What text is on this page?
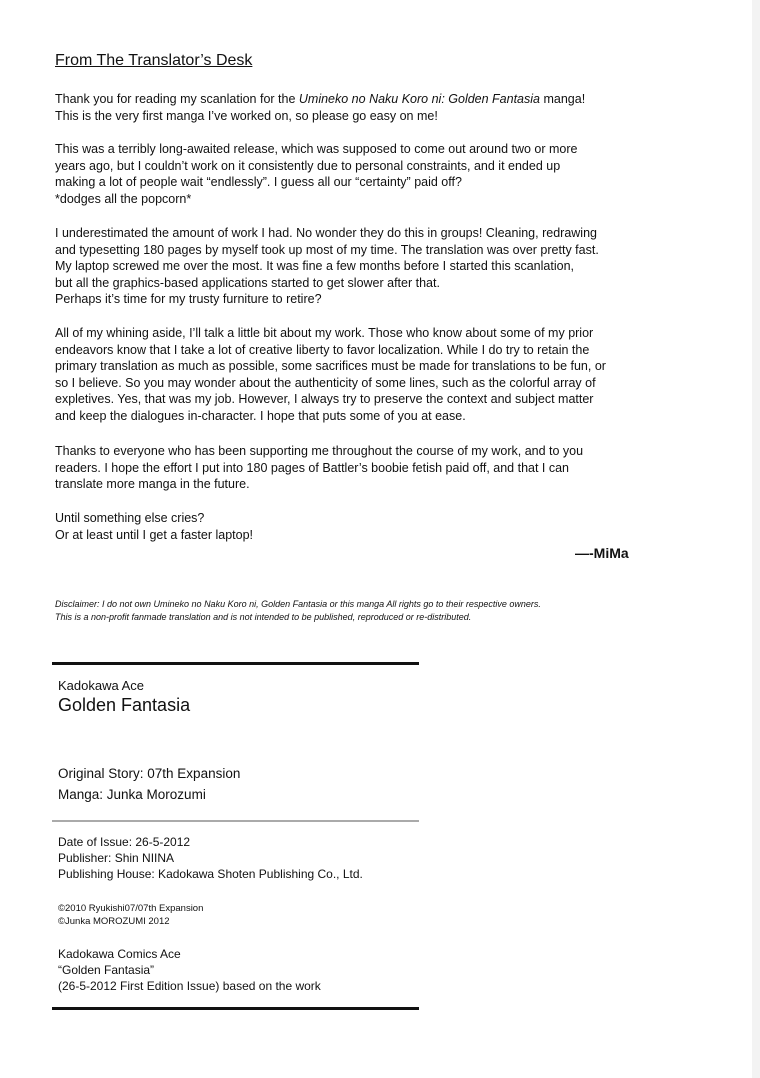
From The Translator’s Desk
Thank you for reading my scanlation for the Umineko no Naku Koro ni: Golden Fantasia manga!
This is the very first manga I’ve worked on, so please go easy on me!
This was a terribly long-awaited release, which was supposed to come out around two or more
years ago, but I couldn’t work on it consistently due to personal constraints, and it ended up
making a lot of people wait “endlessly”. I guess all our “certainty” paid off?
*dodges all the popcorn*
I underestimated the amount of work I had. No wonder they do this in groups! Cleaning, redrawing
and typesetting 180 pages by myself took up most of my time. The translation was over pretty fast.
My laptop screwed me over the most. It was fine a few months before I started this scanlation,
but all the graphics-based applications started to get slower after that.
Perhaps it’s time for my trusty furniture to retire?
All of my whining aside, I’ll talk a little bit about my work. Those who know about some of my prior
endeavors know that I take a lot of creative liberty to favor localization. While I do try to retain the
primary translation as much as possible, some sacrifices must be made for translations to be fun, or
so I believe. So you may wonder about the authenticity of some lines, such as the colorful array of
expletives. Yes, that was my job. However, I always try to preserve the context and subject matter
and keep the dialogues in-character. I hope that puts some of you at ease.
Thanks to everyone who has been supporting me throughout the course of my work, and to you
readers. I hope the effort I put into 180 pages of Battler’s boobie fetish paid off, and that I can
translate more manga in the future.
Until something else cries?
Or at least until I get a faster laptop!
—-MiMa
Disclaimer: I do not own Umineko no Naku Koro ni, Golden Fantasia or this manga All rights go to their respective owners.
This is a non-profit fanmade translation and is not intended to be published, reproduced or re-distributed.
Kadokawa Ace
Golden Fantasia
Original Story: 07th Expansion
Manga: Junka Morozumi
Date of Issue: 26-5-2012
Publisher: Shin NIINA
Publishing House: Kadokawa Shoten Publishing Co., Ltd.
©2010 Ryukishi07/07th Expansion
©Junka MOROZUMI 2012
Kadokawa Comics Ace
“Golden Fantasia”
(26-5-2012 First Edition Issue) based on the work
